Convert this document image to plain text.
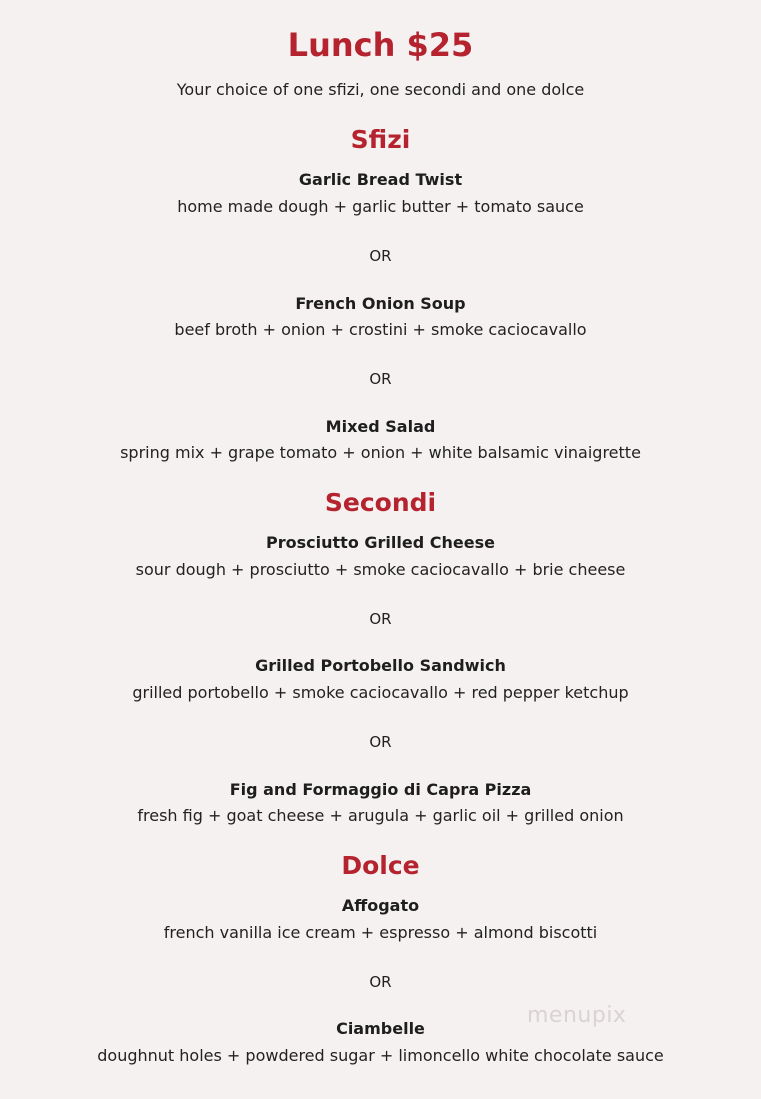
Lunch $25
Your choice of one sfizi, one secondi and one dolce
Sfizi
Garlic Bread Twist
home made dough + garlic butter + tomato sauce
OR
French Onion Soup
beef broth + onion + crostini + smoke caciocavallo
OR
Mixed Salad
spring mix + grape tomato + onion + white balsamic vinaigrette
Secondi
Prosciutto Grilled Cheese
sour dough + prosciutto + smoke caciocavallo + brie cheese
OR
Grilled Portobello Sandwich
grilled portobello + smoke caciocavallo + red pepper ketchup
OR
Fig and Formaggio di Capra Pizza
fresh fig + goat cheese + arugula + garlic oil + grilled onion
Dolce
Affogato
french vanilla ice cream + espresso + almond biscotti
OR
Ciambelle
doughnut holes + powdered sugar + limoncello white chocolate sauce
menupix
